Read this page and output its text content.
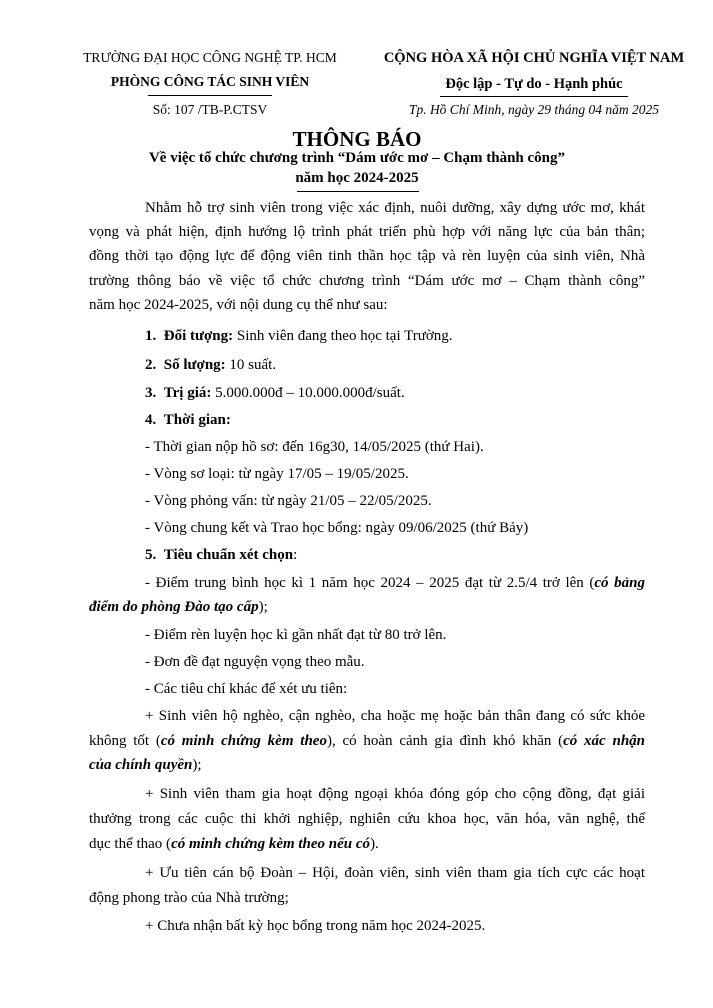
TRƯỜNG ĐẠI HỌC CÔNG NGHỆ TP. HCM
PHÒNG CÔNG TÁC SINH VIÊN
Số: 107 /TB-P.CTSV
CỘNG HÒA XÃ HỘI CHỦ NGHĨA VIỆT NAM
Độc lập - Tự do - Hạnh phúc
Tp. Hồ Chí Minh, ngày 29 tháng 04 năm 2025
THÔNG BÁO
Về việc tổ chức chương trình “Dám ước mơ – Chạm thành công”
năm học 2024-2025
Nhằm hỗ trợ sinh viên trong việc xác định, nuôi dưỡng, xây dựng ước mơ, khát
vọng và phát hiện, định hướng lộ trình phát triển phù hợp với năng lực của bản thân;
đồng thời tạo động lực để động viên tinh thần học tập và rèn luyện của sinh viên, Nhà
trường thông báo về việc tổ chức chương trình “Dám ước mơ – Chạm thành công”
năm học 2024-2025, với nội dung cụ thể như sau:
1. Đối tượng: Sinh viên đang theo học tại Trường.
2. Số lượng: 10 suất.
3. Trị giá: 5.000.000đ – 10.000.000đ/suất.
4. Thời gian:
- Thời gian nộp hồ sơ: đến 16g30, 14/05/2025 (thứ Hai).
- Vòng sơ loại: từ ngày 17/05 – 19/05/2025.
- Vòng phỏng vấn: từ ngày 21/05 – 22/05/2025.
- Vòng chung kết và Trao học bổng: ngày 09/06/2025 (thứ Bảy)
5. Tiêu chuẩn xét chọn:
- Điểm trung bình học kì 1 năm học 2024 – 2025 đạt từ 2.5/4 trở lên (có bảng
điểm do phòng Đào tạo cấp);
- Điểm rèn luyện học kì gần nhất đạt từ 80 trở lên.
- Đơn đề đạt nguyện vọng theo mẫu.
- Các tiêu chí khác để xét ưu tiên:
+ Sinh viên hộ nghèo, cận nghèo, cha hoặc mẹ hoặc bản thân đang có sức khỏe
không tốt (có minh chứng kèm theo), có hoàn cảnh gia đình khó khăn (có xác nhận
của chính quyền);
+ Sinh viên tham gia hoạt động ngoại khóa đóng góp cho cộng đồng, đạt giải
thưởng trong các cuộc thi khởi nghiệp, nghiên cứu khoa học, văn hóa, văn nghệ, thể
dục thể thao (có minh chứng kèm theo nếu có).
+ Ưu tiên cán bộ Đoàn – Hội, đoàn viên, sinh viên tham gia tích cực các hoạt
động phong trào của Nhà trường;
+ Chưa nhận bất kỳ học bổng trong năm học 2024-2025.
